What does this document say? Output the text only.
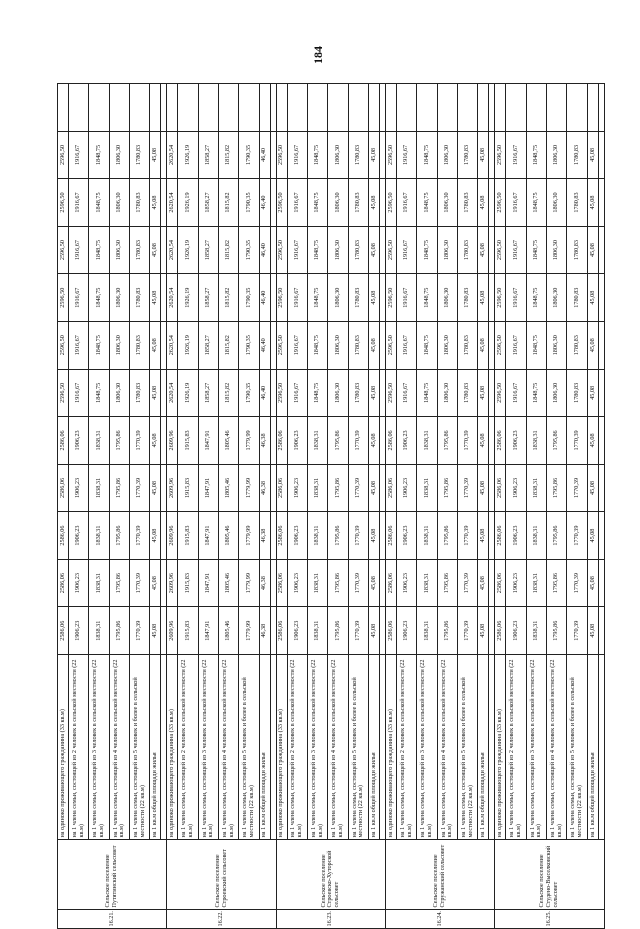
184
16.21.	Сельское поселение Путятинский сельсовет	на одиноко проживающего гражданина (33 кв.м)	2586,06	2586,06	2586,06	2586,06	2586,06	2596,50	2596,50	2596,50	2596,50	2596,50	2596,50	
		на 1 члена семьи, состоящей из 2 человек в сельской местности (22 кв.м)	1906,23	1906,23	1906,23	1906,23	1906,23	1916,67	1916,67	1916,67	1916,67	1916,67	1916,67	
		на 1 члена семьи, состоящей из 3 человек в сельской местности (22 кв.м)	1838,31	1838,31	1838,31	1838,31	1838,31	1848,75	1848,75	1848,75	1848,75	1848,75	1848,75	
		на 1 члена семьи, состоящей из 4 человек в сельской местности (22 кв.м)	1795,86	1795,86	1795,86	1795,86	1795,86	1806,30	1806,30	1806,30	1806,30	1806,30	1806,30	
		на 1 члена семьи, состоящей из 5 человек и более в сельской местности (22 кв.м)	1770,39	1770,39	1770,39	1770,39	1770,39	1780,83	1780,83	1780,83	1780,83	1780,83	1780,83	
		на 1 кв.м общей площади жилья	45,08	45,08	45,08	45,08	45,08	45,08	45,08	45,08	45,08	45,08	45,08	

16.22.	Сельское поселение Строевский сельсовет	на одиноко проживающего гражданина (33 кв.м)	2609,96	2609,96	2609,96	2609,96	2609,96	2620,54	2620,54	2620,54	2620,54	2620,54	2620,54	
		на 1 члена семьи, состоящей из 2 человек в сельской местности (22 кв.м)	1915,83	1915,83	1915,83	1915,83	1915,83	1926,19	1926,19	1926,19	1926,19	1926,19	1926,19	
		на 1 члена семьи, состоящей из 3 человек в сельской местности (22 кв.м)	1847,91	1847,91	1847,91	1847,91	1847,91	1858,27	1858,27	1858,27	1858,27	1858,27	1858,27	
		на 1 члена семьи, состоящей из 4 человек в сельской местности (22 кв.м)	1805,46	1805,46	1805,46	1805,46	1805,46	1815,82	1815,82	1815,82	1815,82	1815,82	1815,82	
		на 1 члена семьи, состоящей из 5 человек и более в сельской местности (22 кв.м)	1779,99	1779,99	1779,99	1779,99	1779,99	1790,35	1790,35	1790,35	1790,35	1790,35	1790,35	
		на 1 кв.м общей площади жилья	46,38	46,38	46,38	46,38	46,38	46,40	46,40	46,40	46,40	46,40	46,40	

16.23.	Сельское поселение Строевско-Хуторской сельсовет	на одиноко проживающего гражданина (33 кв.м)	2586,06	2586,06	2586,06	2586,06	2586,06	2596,50	2596,50	2596,50	2596,50	2596,50	2596,50	
		на 1 члена семьи, состоящей из 2 человек в сельской местности (22 кв.м)	1906,23	1906,23	1906,23	1906,23	1906,23	1916,67	1916,67	1916,67	1916,67	1916,67	1916,67	
		на 1 члена семьи, состоящей из 3 человек в сельской местности (22 кв.м)	1838,31	1838,31	1838,31	1838,31	1838,31	1848,75	1848,75	1848,75	1848,75	1848,75	1848,75	
		на 1 члена семьи, состоящей из 4 человек в сельской местности (22 кв.м)	1795,86	1795,86	1795,86	1795,86	1795,86	1806,30	1806,30	1806,30	1806,30	1806,30	1806,30	
		на 1 члена семьи, состоящей из 5 человек и более в сельской местности (22 кв.м)	1770,39	1770,39	1770,39	1770,39	1770,39	1780,83	1780,83	1780,83	1780,83	1780,83	1780,83	
		на 1 кв.м общей площади жилья	45,08	45,08	45,08	45,08	45,08	45,08	45,08	45,08	45,08	45,08	45,08	

16.24.	Сельское поселение Стружанский сельсовет	на одиноко проживающего гражданина (33 кв.м)	2586,06	2586,06	2586,06	2586,06	2586,06	2596,50	2596,50	2596,50	2596,50	2596,50	2596,50	
		на 1 члена семьи, состоящей из 2 человек в сельской местности (22 кв.м)	1906,23	1906,23	1906,23	1906,23	1906,23	1916,67	1916,67	1916,67	1916,67	1916,67	1916,67	
		на 1 члена семьи, состоящей из 3 человек в сельской местности (22 кв.м)	1838,31	1838,31	1838,31	1838,31	1838,31	1848,75	1848,75	1848,75	1848,75	1848,75	1848,75	
		на 1 члена семьи, состоящей из 4 человек в сельской местности (22 кв.м)	1795,86	1795,86	1795,86	1795,86	1795,86	1806,30	1806,30	1806,30	1806,30	1806,30	1806,30	
		на 1 члена семьи, состоящей из 5 человек и более в сельской местности (22 кв.м)	1770,39	1770,39	1770,39	1770,39	1770,39	1780,83	1780,83	1780,83	1780,83	1780,83	1780,83	
		на 1 кв.м общей площади жилья	45,08	45,08	45,08	45,08	45,08	45,08	45,08	45,08	45,08	45,08	45,08	

16.25.	Сельское поселение Студено-Выселковский сельсовет	на одиноко проживающего гражданина (33 кв.м)	2586,06	2586,06	2586,06	2586,06	2586,06	2596,50	2596,50	2596,50	2596,50	2596,50	2596,50	
		на 1 члена семьи, состоящей из 2 человек в сельской местности (22 кв.м)	1906,23	1906,23	1906,23	1906,23	1906,23	1916,67	1916,67	1916,67	1916,67	1916,67	1916,67	
		на 1 члена семьи, состоящей из 3 человек в сельской местности (22 кв.м)	1838,31	1838,31	1838,31	1838,31	1838,31	1848,75	1848,75	1848,75	1848,75	1848,75	1848,75	
		на 1 члена семьи, состоящей из 4 человек в сельской местности (22 кв.м)	1795,86	1795,86	1795,86	1795,86	1795,86	1806,30	1806,30	1806,30	1806,30	1806,30	1806,30	
		на 1 члена семьи, состоящей из 5 человек и более в сельской местности (22 кв.м)	1770,39	1770,39	1770,39	1770,39	1770,39	1780,83	1780,83	1780,83	1780,83	1780,83	1780,83	
		на 1 кв.м общей площади жилья	45,08	45,08	45,08	45,08	45,08	45,08	45,08	45,08	45,08	45,08	45,08	
